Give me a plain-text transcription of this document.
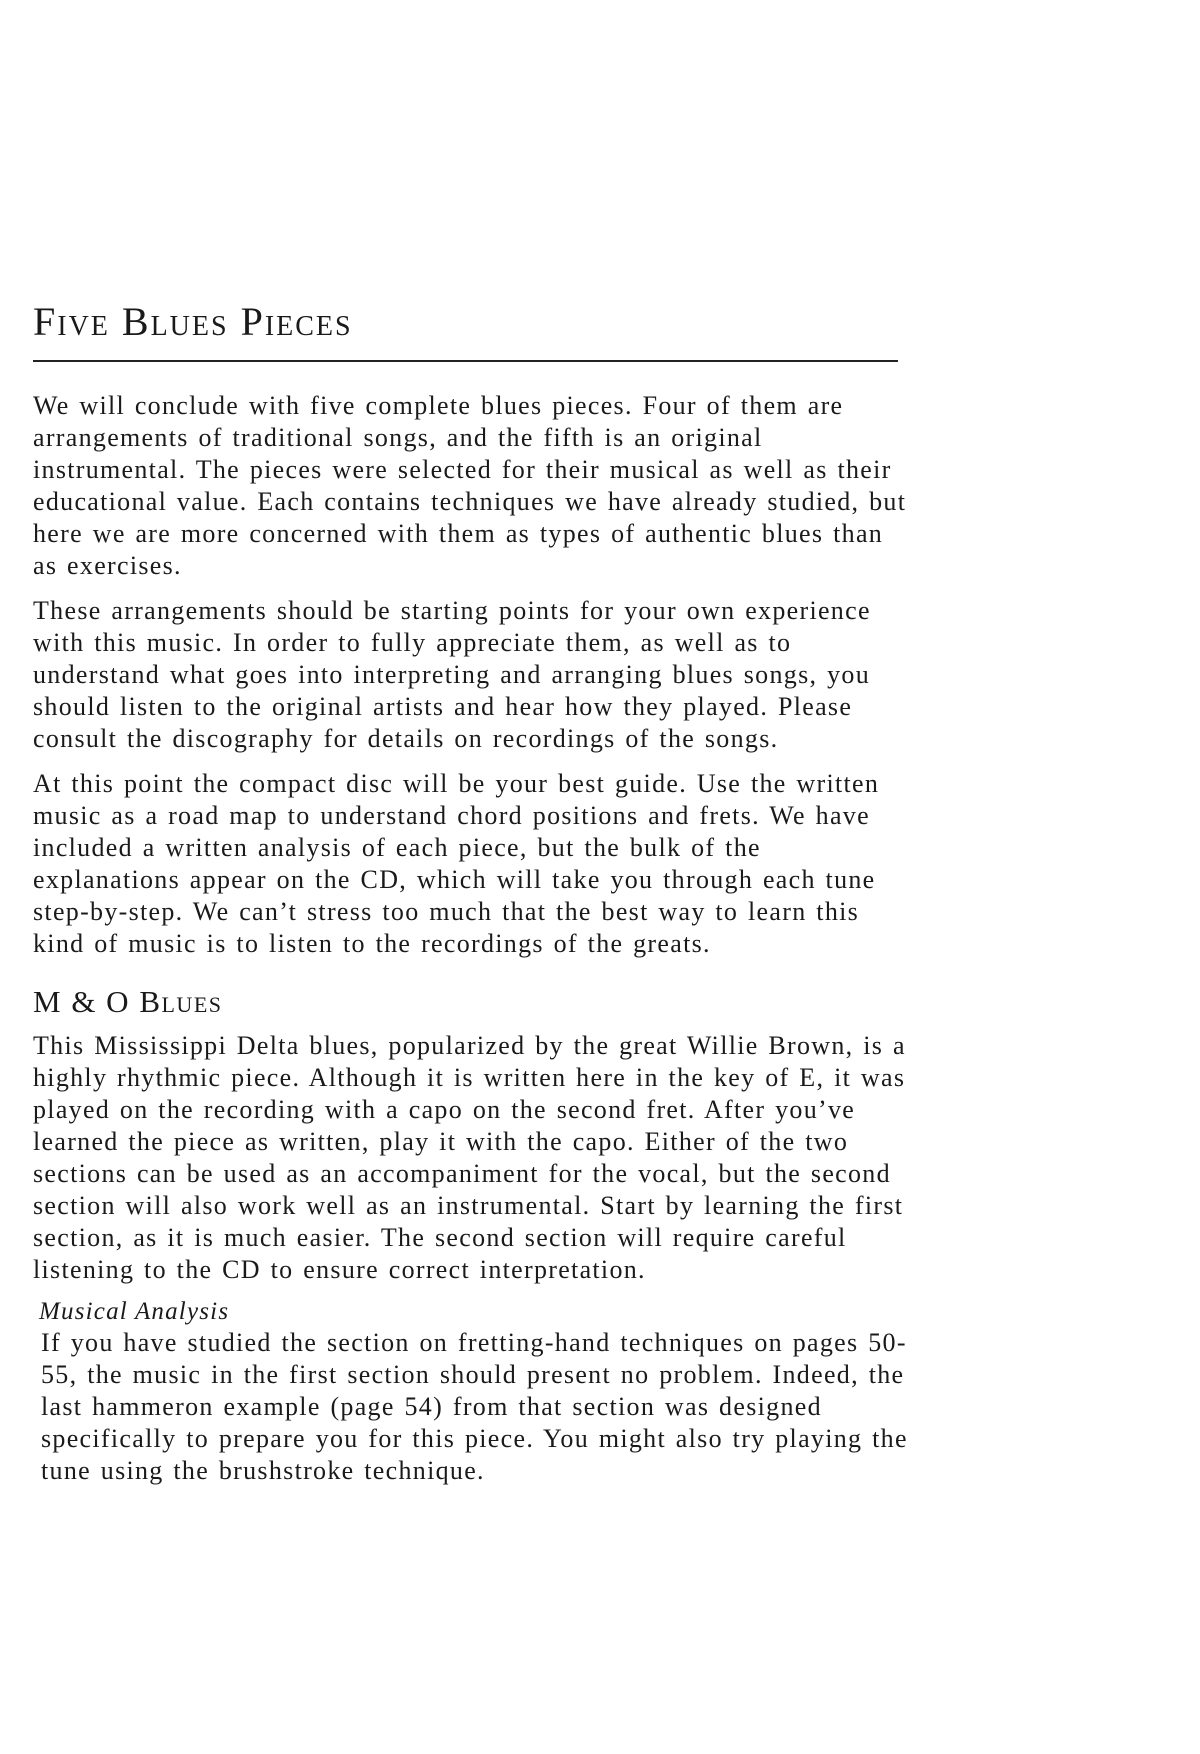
Five Blues Pieces

We will conclude with five complete blues pieces. Four of them are arrangements of traditional songs, and the fifth is an original instrumental. The pieces were selected for their musical as well as their educational value. Each contains techniques we have already studied, but here we are more concerned with them as types of authentic blues than as exercises.

These arrangements should be starting points for your own experience with this music. In order to fully appreciate them, as well as to understand what goes into interpreting and arranging blues songs, you should listen to the original artists and hear how they played. Please consult the discography for details on recordings of the songs.

At this point the compact disc will be your best guide. Use the written music as a road map to understand chord positions and frets. We have included a written analysis of each piece, but the bulk of the explanations appear on the CD, which will take you through each tune step-by-step. We can’t stress too much that the best way to learn this kind of music is to listen to the recordings of the greats.

M & O Blues

This Mississippi Delta blues, popularized by the great Willie Brown, is a highly rhythmic piece. Although it is written here in the key of E, it was played on the recording with a capo on the second fret. After you’ve learned the piece as written, play it with the capo. Either of the two sections can be used as an accompaniment for the vocal, but the second section will also work well as an instrumental. Start by learning the first section, as it is much easier. The second section will require careful listening to the CD to ensure correct interpretation.

Musical Analysis

If you have studied the section on fretting-hand techniques on pages 50-55, the music in the first section should present no problem. Indeed, the last hammeron example (page 54) from that section was designed specifically to prepare you for this piece. You might also try playing the tune using the brushstroke technique.
